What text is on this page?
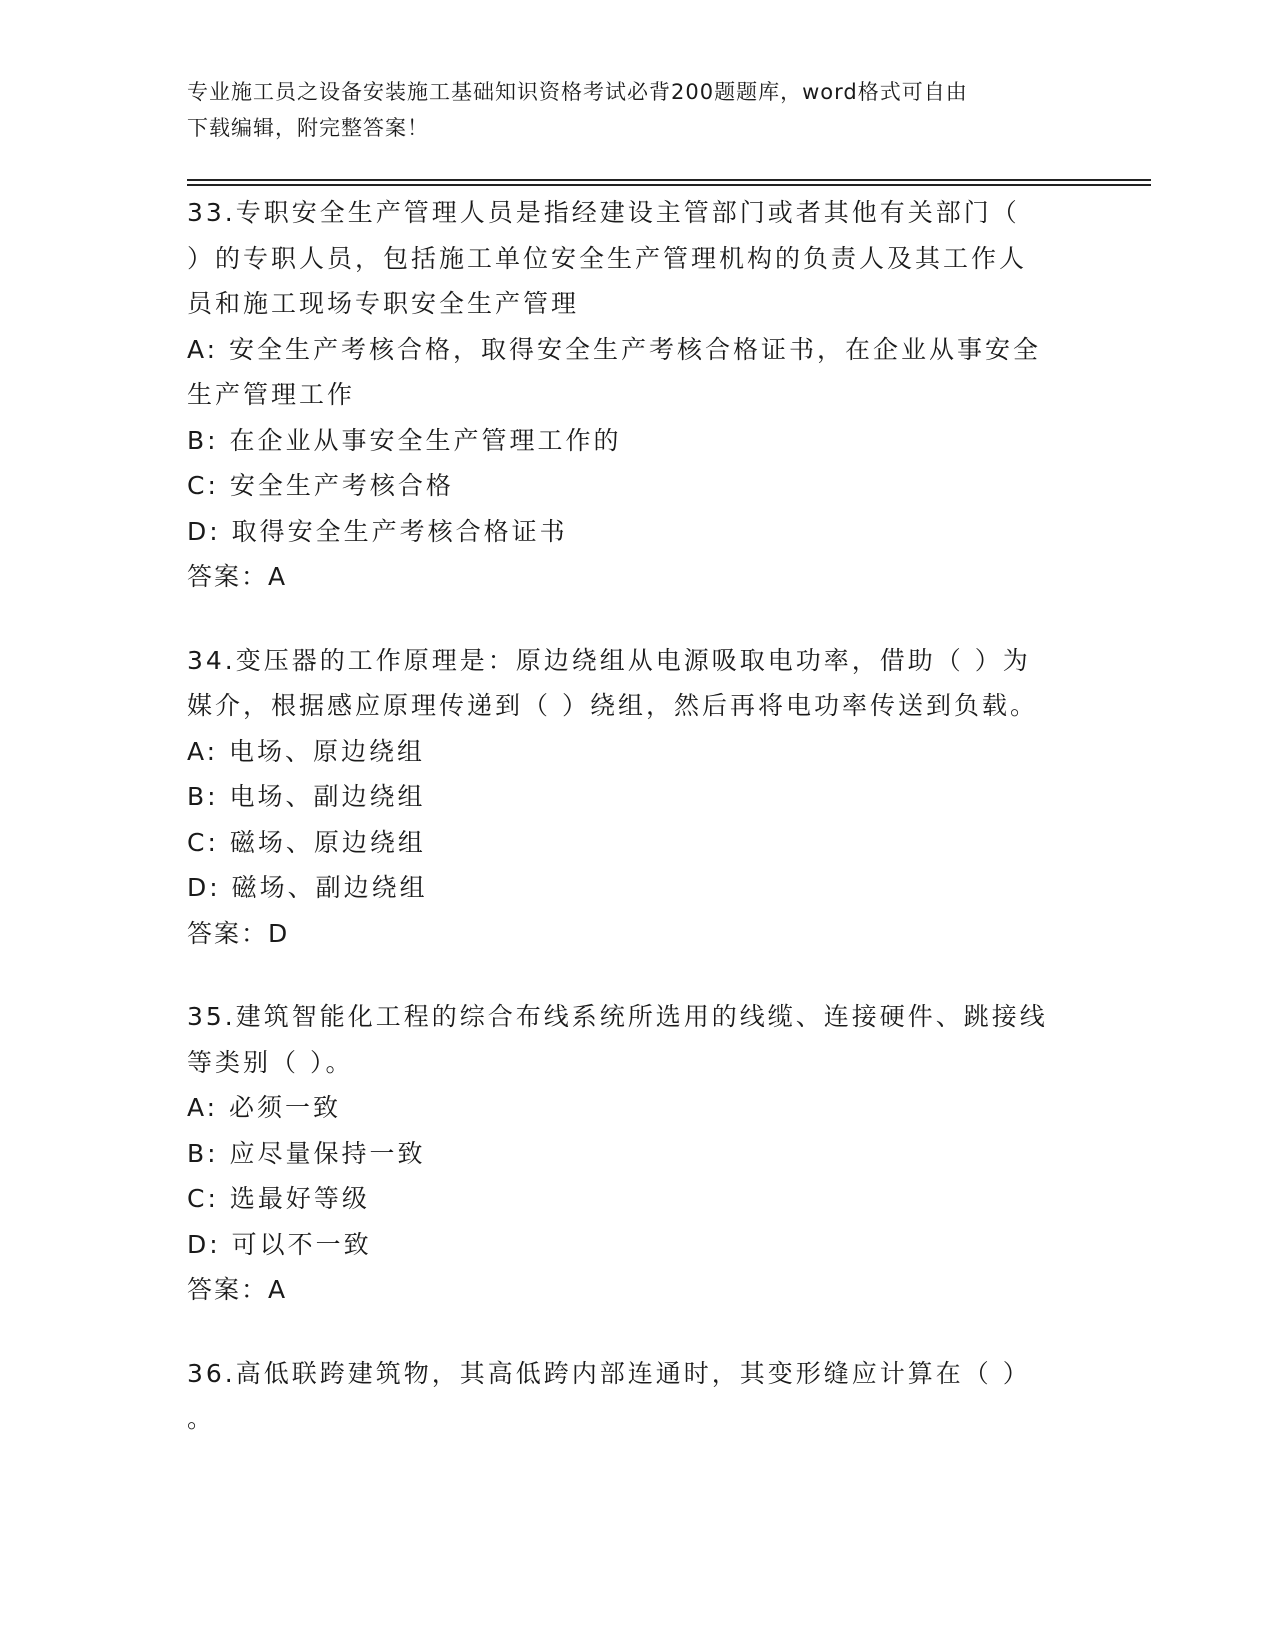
专业施工员之设备安装施工基础知识资格考试必背200题题库，word格式可自由
下载编辑，附完整答案！

33.专职安全生产管理人员是指经建设主管部门或者其他有关部门（

）的专职人员，包括施工单位安全生产管理机构的负责人及其工作人

员和施工现场专职安全生产管理

A: 安全生产考核合格，取得安全生产考核合格证书，在企业从事安全

生产管理工作

B: 在企业从事安全生产管理工作的

C: 安全生产考核合格

D: 取得安全生产考核合格证书

答案：A

34.变压器的工作原理是：原边绕组从电源吸取电功率，借助（ ）为

媒介，根据感应原理传递到（ ）绕组，然后再将电功率传送到负载。

A: 电场、原边绕组

B: 电场、副边绕组

C: 磁场、原边绕组

D: 磁场、副边绕组

答案：D

35.建筑智能化工程的综合布线系统所选用的线缆、连接硬件、跳接线

等类别（ ）。

A: 必须一致

B: 应尽量保持一致

C: 选最好等级

D: 可以不一致

答案：A

36.高低联跨建筑物，其高低跨内部连通时，其变形缝应计算在（ ）

。
